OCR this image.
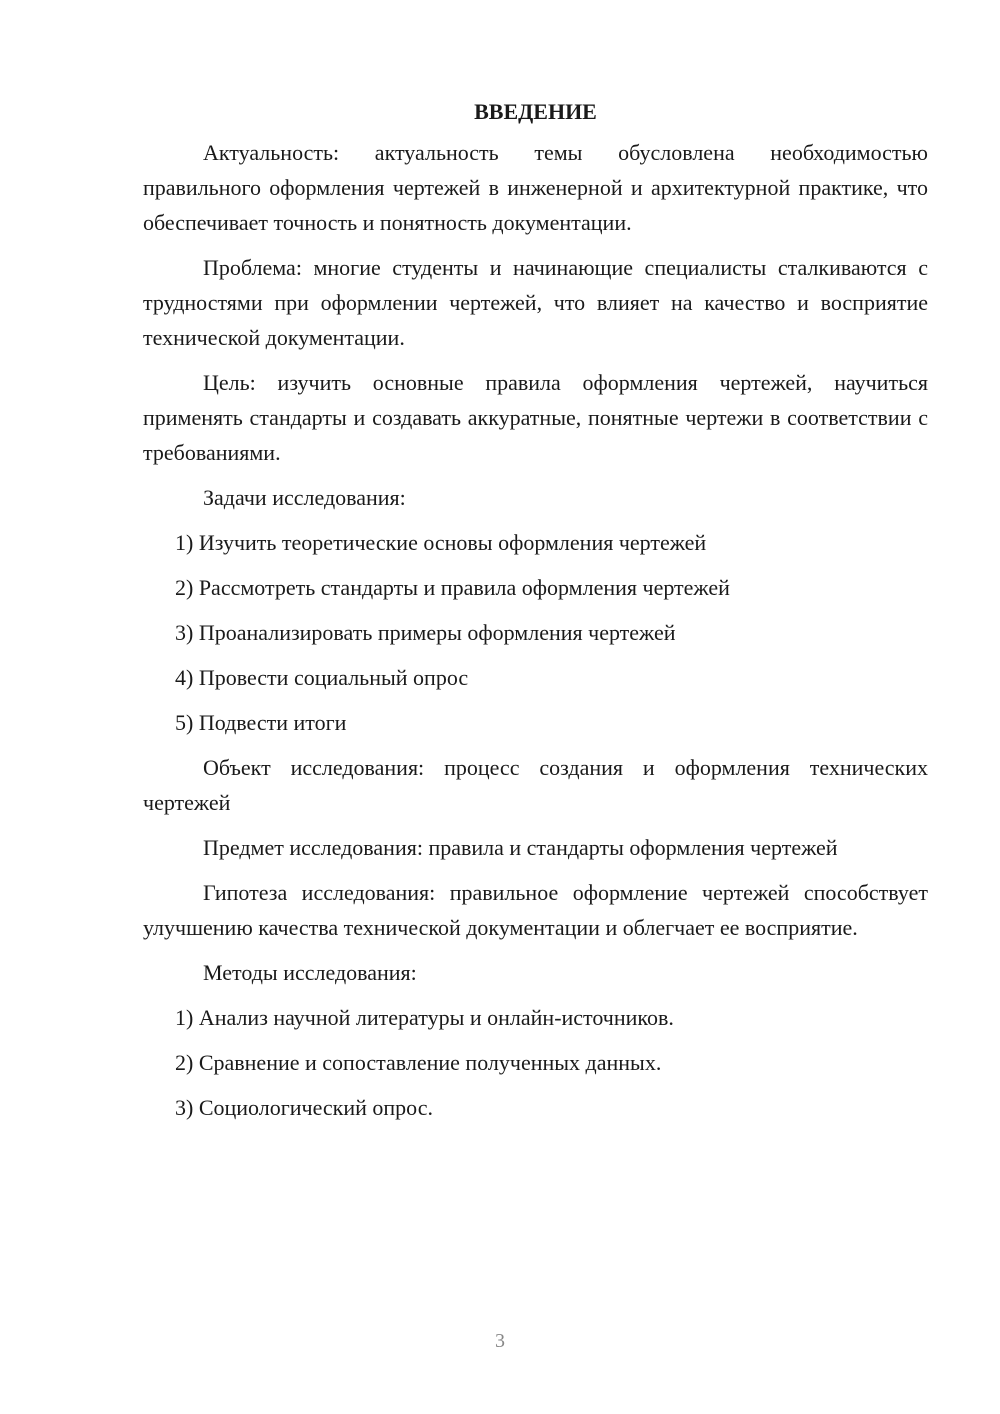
ВВЕДЕНИЕ

Актуальность: актуальность темы обусловлена необходимостью правильного оформления чертежей в инженерной и архитектурной практике, что обеспечивает точность и понятность документации.

Проблема: многие студенты и начинающие специалисты сталкиваются с трудностями при оформлении чертежей, что влияет на качество и восприятие технической документации.

Цель: изучить основные правила оформления чертежей, научиться применять стандарты и создавать аккуратные, понятные чертежи в соответствии с требованиями.

Задачи исследования:

1) Изучить теоретические основы оформления чертежей
2) Рассмотреть стандарты и правила оформления чертежей
3) Проанализировать примеры оформления чертежей
4) Провести социальный опрос
5) Подвести итоги

Объект исследования: процесс создания и оформления технических чертежей

Предмет исследования: правила и стандарты оформления чертежей

Гипотеза исследования: правильное оформление чертежей способствует улучшению качества технической документации и облегчает ее восприятие.

Методы исследования:

1) Анализ научной литературы и онлайн-источников.
2) Сравнение и сопоставление полученных данных.
3) Социологический опрос.
3
